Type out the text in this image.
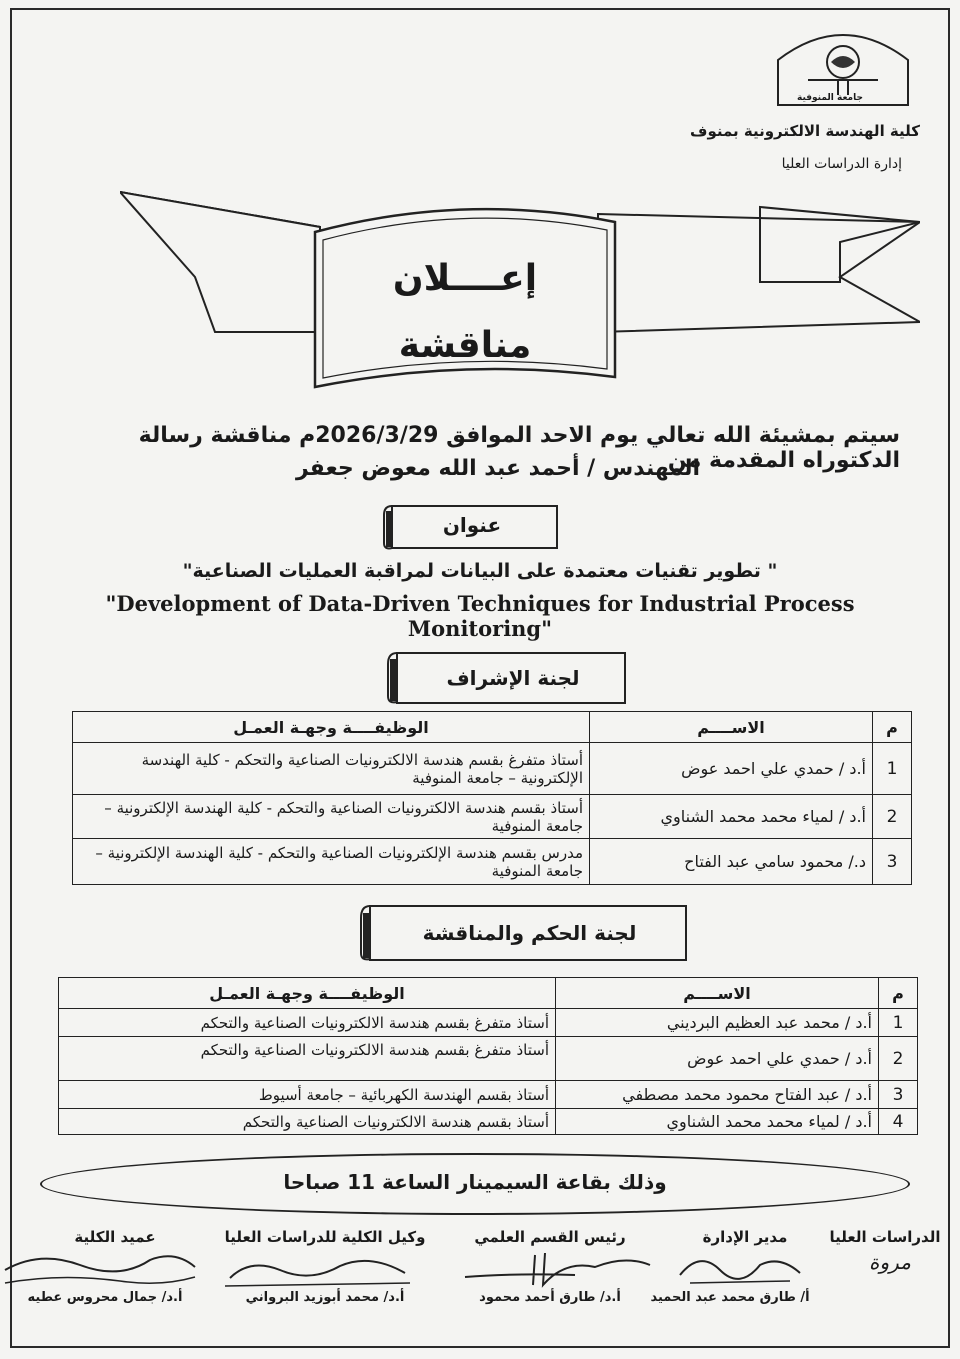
جامعة المنوفية
كلية الهندسة الالكترونية بمنوف
إدارة الدراسات العليا
إعــــلان
مناقشة
سيتم بمشيئة الله تعالي يوم الاحد الموافق 2026/3/29م مناقشة رسالة الدكتوراه المقدمة من
المهندس / أحمد عبد الله معوض جعفر
عنوان
" تطوير تقنيات معتمدة على البيانات لمراقبة العمليات الصناعية"
"Development of Data-Driven Techniques for Industrial Process Monitoring"
لجنة الإشراف
م	الاســــم	الوظيفــــة وجهـة العمـل
1	أ.د / حمدي علي احمد عوض	أستاذ متفرغ بقسم هندسة الالكترونيات الصناعية والتحكم - كلية الهندسة الإلكترونية – جامعة المنوفية
2	أ.د / لمياء محمد محمد الشناوي	أستاذ بقسم هندسة الالكترونيات الصناعية والتحكم - كلية الهندسة الإلكترونية – جامعة المنوفية
3	د./ محمود سامي عبد الفتاح	مدرس بقسم هندسة الإلكترونيات الصناعية والتحكم - كلية الهندسة الإلكترونية – جامعة المنوفية
لجنة الحكم والمناقشة
م	الاســــم	الوظيفــــة وجهـة العمـل
1	أ.د / محمد عبد العظيم البرديني	أستاذ متفرغ بقسم هندسة الالكترونيات الصناعية والتحكم
2	أ.د / حمدي علي احمد عوض	أستاذ متفرغ بقسم هندسة الالكترونيات الصناعية والتحكم
3	أ.د / عبد الفتاح محمود محمد مصطفي	أستاذ بقسم الهندسة الكهربائية – جامعة أسيوط
4	أ.د / لمياء محمد محمد الشناوي	أستاذ بقسم هندسة الالكترونيات الصناعية والتحكم
وذلك بقاعة السيمينار الساعة 11 صباحا
الدراسات العليا
مروة
مدير الإدارة
أ/ طارق محمد عبد الحميد
رئيس القسم العلمي
أ.د/ طارق أحمد محمود
وكيل الكلية للدراسات العليا
أ.د/ محمد أبوزيد البرواني
عميد الكلية
أ.د/ جمال محروس عطيه
